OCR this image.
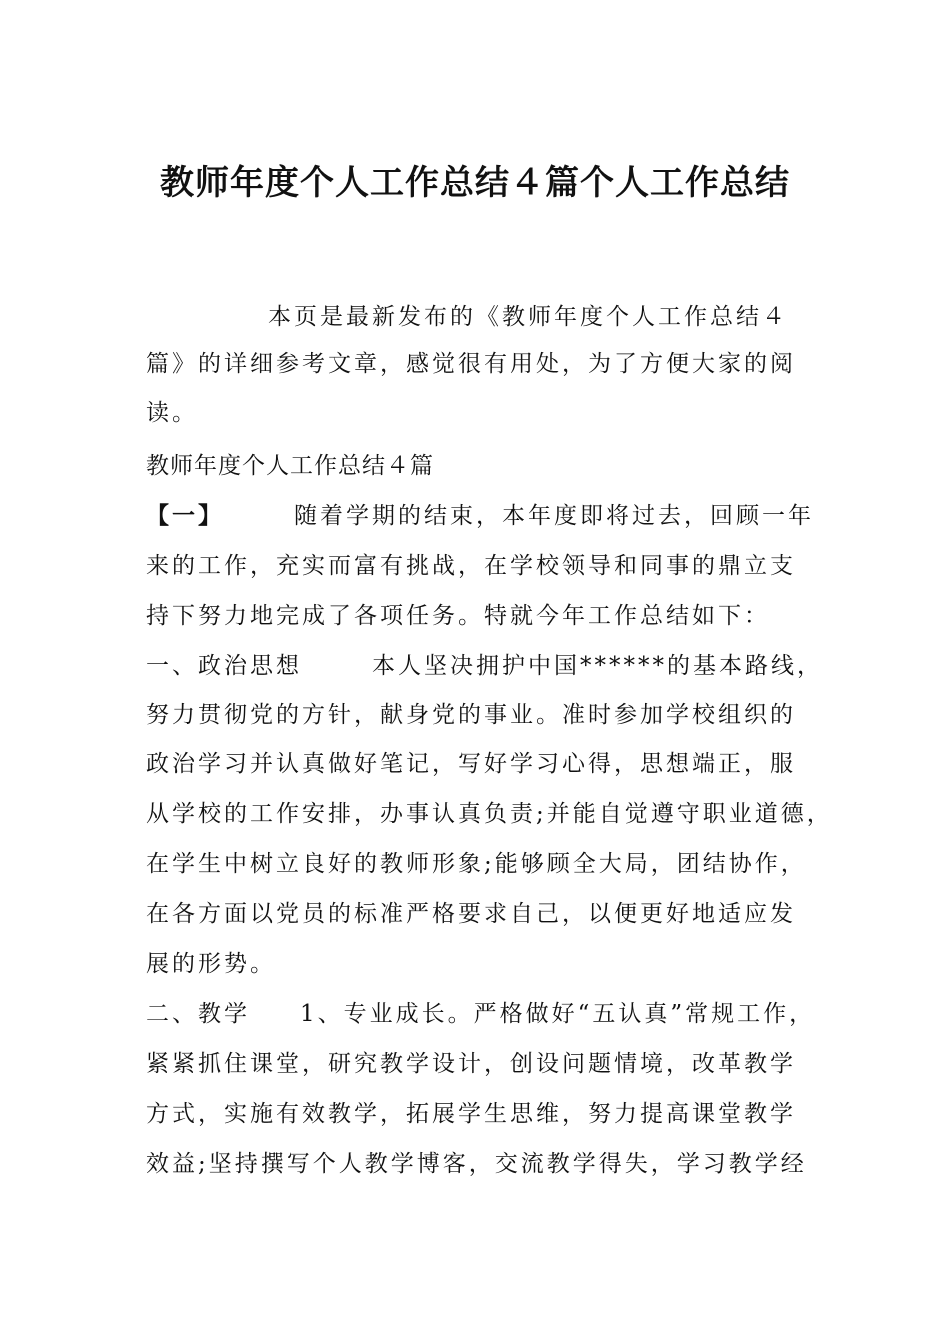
教师年度个人工作总结４篇个人工作总结
本页是最新发布的《教师年度个人工作总结４
篇》的详细参考文章，感觉很有用处，为了方便大家的阅
读。
教师年度个人工作总结４篇
【一】	随着学期的结束，本年度即将过去，回顾一年
来的工作，充实而富有挑战，在学校领导和同事的鼎立支
持下努力地完成了各项任务。特就今年工作总结如下：
一、政治思想	本人坚决拥护中国******的基本路线，
努力贯彻党的方针，献身党的事业。准时参加学校组织的
政治学习并认真做好笔记，写好学习心得，思想端正，服
从学校的工作安排，办事认真负责;并能自觉遵守职业道德，
在学生中树立良好的教师形象;能够顾全大局，团结协作，
在各方面以党员的标准严格要求自己，以便更好地适应发
展的形势。
二、教学 1、专业成长。严格做好“五认真”常规工作，
紧紧抓住课堂，研究教学设计，创设问题情境，改革教学
方式，实施有效教学，拓展学生思维，努力提高课堂教学
效益;坚持撰写个人教学博客，交流教学得失，学习教学经
